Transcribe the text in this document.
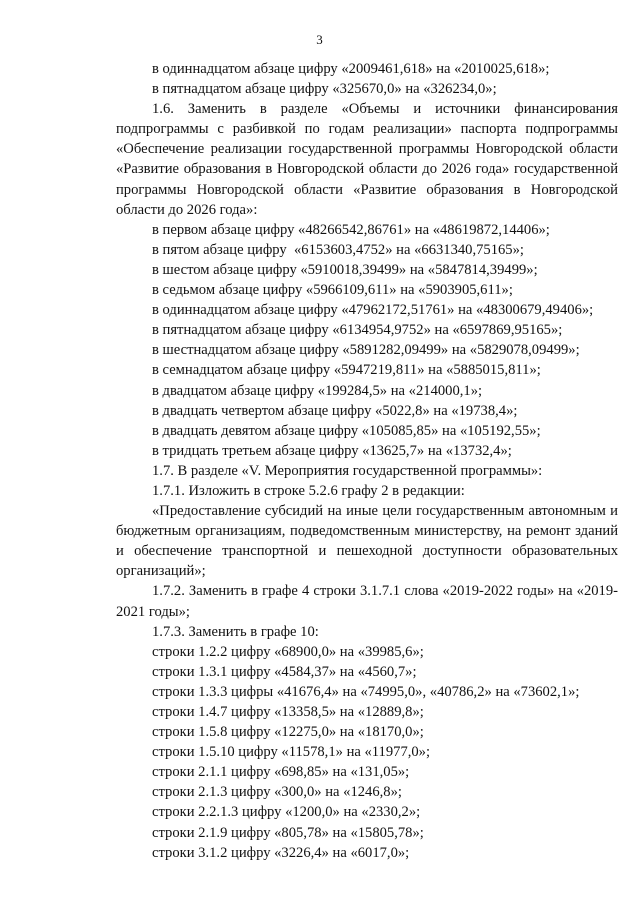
3

в одиннадцатом абзаце цифру «2009461,618» на «2010025,618»;

в пятнадцатом абзаце цифру «325670,0» на «326234,0»;

1.6. Заменить в разделе «Объемы и источники финансирования подпрограммы с разбивкой по годам реализации» паспорта подпрограммы «Обеспечение реализации государственной программы Новгородской области «Развитие образования в Новгородской области до 2026 года» государственной программы Новгородской области «Развитие образования в Новгородской области до 2026 года»:

в первом абзаце цифру «48266542,86761» на «48619872,14406»;

в пятом абзаце цифру  «6153603,4752» на «6631340,75165»;

в шестом абзаце цифру «5910018,39499» на «5847814,39499»;

в седьмом абзаце цифру «5966109,611» на «5903905,611»;

в одиннадцатом абзаце цифру «47962172,51761» на «48300679,49406»;

в пятнадцатом абзаце цифру «6134954,9752» на «6597869,95165»;

в шестнадцатом абзаце цифру «5891282,09499» на «5829078,09499»;

в семнадцатом абзаце цифру «5947219,811» на «5885015,811»;

в двадцатом абзаце цифру «199284,5» на «214000,1»;

в двадцать четвертом абзаце цифру «5022,8» на «19738,4»;

в двадцать девятом абзаце цифру «105085,85» на «105192,55»;

в тридцать третьем абзаце цифру «13625,7» на «13732,4»;

1.7. В разделе «V. Мероприятия государственной программы»:

1.7.1. Изложить в строке 5.2.6 графу 2 в редакции:

«Предоставление субсидий на иные цели государственным автономным и бюджетным организациям, подведомственным министерству, на ремонт зданий и обеспечение транспортной и пешеходной доступности образовательных организаций»;

1.7.2. Заменить в графе 4 строки 3.1.7.1 слова «2019-2022 годы» на «2019-2021 годы»;

1.7.3. Заменить в графе 10:

строки 1.2.2 цифру «68900,0» на «39985,6»;

строки 1.3.1 цифру «4584,37» на «4560,7»;

строки 1.3.3 цифры «41676,4» на «74995,0», «40786,2» на «73602,1»;

строки 1.4.7 цифру «13358,5» на «12889,8»;

строки 1.5.8 цифру «12275,0» на «18170,0»;

строки 1.5.10 цифру «11578,1» на «11977,0»;

строки 2.1.1 цифру «698,85» на «131,05»;

строки 2.1.3 цифру «300,0» на «1246,8»;

строки 2.2.1.3 цифру «1200,0» на «2330,2»;

строки 2.1.9 цифру «805,78» на «15805,78»;

строки 3.1.2 цифру «3226,4» на «6017,0»;
